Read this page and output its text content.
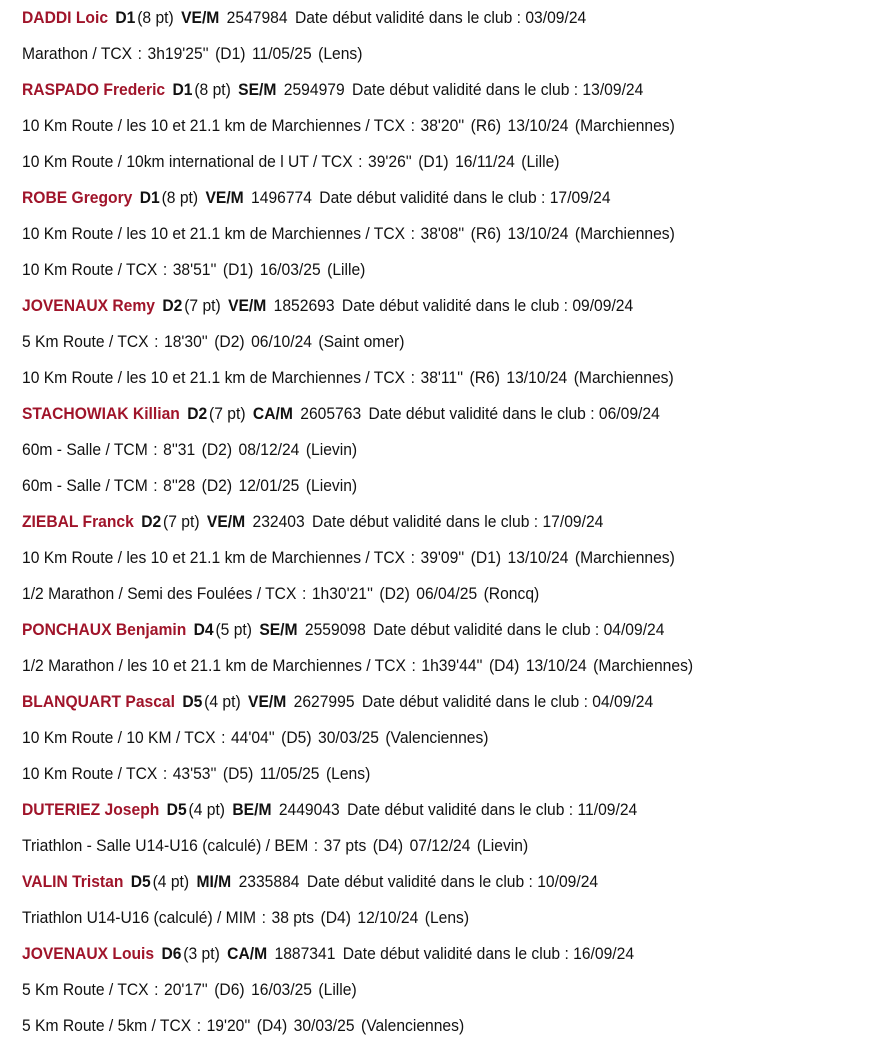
DADDI Loic D1 (8 pt) VE/M 2547984 Date début validité dans le club : 03/09/24
Marathon / TCX : 3h19'25'' (D1) 11/05/25 (Lens)
RASPADO Frederic D1 (8 pt) SE/M 2594979 Date début validité dans le club : 13/09/24
10 Km Route / les 10 et 21.1 km de Marchiennes / TCX : 38'20'' (R6) 13/10/24 (Marchiennes)
10 Km Route / 10km international de l UT / TCX : 39'26'' (D1) 16/11/24 (Lille)
ROBE Gregory D1 (8 pt) VE/M 1496774 Date début validité dans le club : 17/09/24
10 Km Route / les 10 et 21.1 km de Marchiennes / TCX : 38'08'' (R6) 13/10/24 (Marchiennes)
10 Km Route / TCX : 38'51'' (D1) 16/03/25 (Lille)
JOVENAUX Remy D2 (7 pt) VE/M 1852693 Date début validité dans le club : 09/09/24
5 Km Route / TCX : 18'30'' (D2) 06/10/24 (Saint omer)
10 Km Route / les 10 et 21.1 km de Marchiennes / TCX : 38'11'' (R6) 13/10/24 (Marchiennes)
STACHOWIAK Killian D2 (7 pt) CA/M 2605763 Date début validité dans le club : 06/09/24
60m - Salle / TCM : 8''31 (D2) 08/12/24 (Lievin)
60m - Salle / TCM : 8''28 (D2) 12/01/25 (Lievin)
ZIEBAL Franck D2 (7 pt) VE/M 232403 Date début validité dans le club : 17/09/24
10 Km Route / les 10 et 21.1 km de Marchiennes / TCX : 39'09'' (D1) 13/10/24 (Marchiennes)
1/2 Marathon / Semi des Foulées / TCX : 1h30'21'' (D2) 06/04/25 (Roncq)
PONCHAUX Benjamin D4 (5 pt) SE/M 2559098 Date début validité dans le club : 04/09/24
1/2 Marathon / les 10 et 21.1 km de Marchiennes / TCX : 1h39'44'' (D4) 13/10/24 (Marchiennes)
BLANQUART Pascal D5 (4 pt) VE/M 2627995 Date début validité dans le club : 04/09/24
10 Km Route / 10 KM / TCX : 44'04'' (D5) 30/03/25 (Valenciennes)
10 Km Route / TCX : 43'53'' (D5) 11/05/25 (Lens)
DUTERIEZ Joseph D5 (4 pt) BE/M 2449043 Date début validité dans le club : 11/09/24
Triathlon - Salle U14-U16 (calculé) / BEM : 37 pts (D4) 07/12/24 (Lievin)
VALIN Tristan D5 (4 pt) MI/M 2335884 Date début validité dans le club : 10/09/24
Triathlon U14-U16 (calculé) / MIM : 38 pts (D4) 12/10/24 (Lens)
JOVENAUX Louis D6 (3 pt) CA/M 1887341 Date début validité dans le club : 16/09/24
5 Km Route / TCX : 20'17'' (D6) 16/03/25 (Lille)
5 Km Route / 5km / TCX : 19'20'' (D4) 30/03/25 (Valenciennes)
